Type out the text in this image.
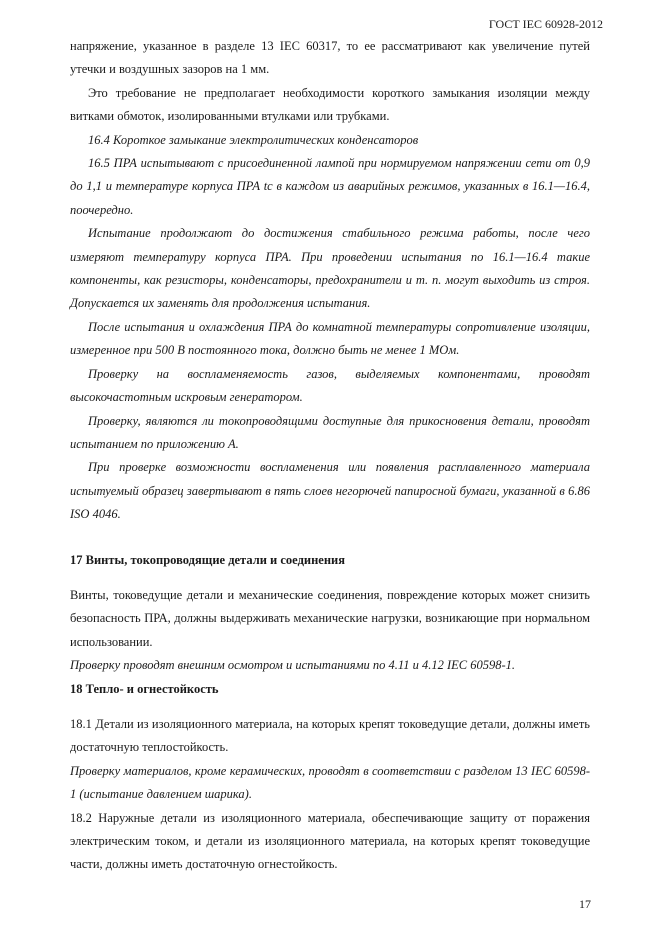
ГОСТ IEC 60928-2012

напряжение, указанное в разделе 13 IEC 60317, то ее рассматривают как увеличение путей утечки и воздушных зазоров на 1 мм.

Это требование не предполагает необходимости короткого замыкания изоляции между витками обмоток, изолированными втулками или трубками.

16.4 Короткое замыкание электролитических конденсаторов

16.5 ПРА испытывают с присоединенной лампой при нормируемом напряжении сети от 0,9 до 1,1 и температуре корпуса ПРА tc в каждом из аварийных режимов, указанных в 16.1—16.4, поочередно.

Испытание продолжают до достижения стабильного режима работы, после чего измеряют температуру корпуса ПРА. При проведении испытания по 16.1—16.4 такие компоненты, как резисторы, конденсаторы, предохранители и т. п. могут выходить из строя. Допускается их заменять для продолжения испытания.

После испытания и охлаждения ПРА до комнатной температуры сопротивление изоляции, измеренное при 500 В постоянного тока, должно быть не менее 1 МОм.

Проверку на воспламеняемость газов, выделяемых компонентами, проводят высокочастотным искровым генератором.

Проверку, являются ли токопроводящими доступные для прикосновения детали, проводят испытанием по приложению А.

При проверке возможности воспламенения или появления расплавленного материала испытуемый образец завертывают в пять слоев негорючей папиросной бумаги, указанной в 6.86 ISO 4046.

17 Винты, токопроводящие детали и соединения

Винты, токоведущие детали и механические соединения, повреждение которых может снизить безопасность ПРА, должны выдерживать механические нагрузки, возникающие при нормальном использовании.

Проверку проводят внешним осмотром и испытаниями по 4.11 и 4.12 IEC 60598-1.

18 Тепло- и огнестойкость

18.1 Детали из изоляционного материала, на которых крепят токоведущие детали, должны иметь достаточную теплостойкость.

Проверку материалов, кроме керамических, проводят в соответствии с разделом 13 IEC 60598-1 (испытание давлением шарика).

18.2 Наружные детали из изоляционного материала, обеспечивающие защиту от поражения электрическим током, и детали из изоляционного материала, на которых крепят токоведущие части, должны иметь достаточную огнестойкость.

17
